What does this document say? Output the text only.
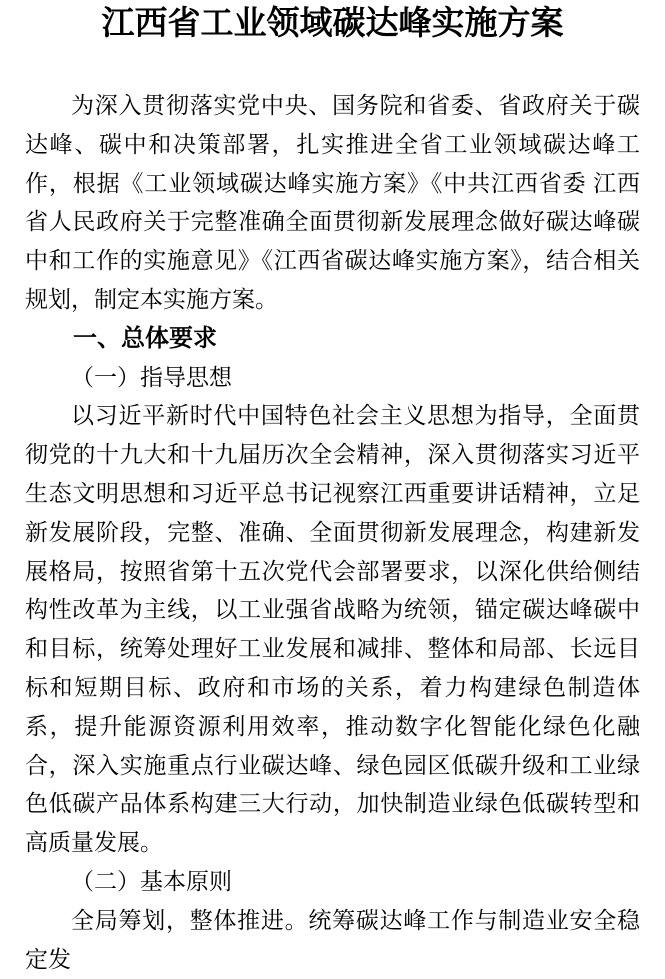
江西省工业领域碳达峰实施方案

为深入贯彻落实党中央、国务院和省委、省政府关于碳达峰、碳中和决策部署，扎实推进全省工业领域碳达峰工作，根据《工业领域碳达峰实施方案》《中共江西省委 江西省人民政府关于完整准确全面贯彻新发展理念做好碳达峰碳中和工作的实施意见》《江西省碳达峰实施方案》，结合相关规划，制定本实施方案。

一、总体要求
（一）指导思想

以习近平新时代中国特色社会主义思想为指导，全面贯彻党的十九大和十九届历次全会精神，深入贯彻落实习近平生态文明思想和习近平总书记视察江西重要讲话精神，立足新发展阶段，完整、准确、全面贯彻新发展理念，构建新发展格局，按照省第十五次党代会部署要求，以深化供给侧结构性改革为主线，以工业强省战略为统领，锚定碳达峰碳中和目标，统筹处理好工业发展和减排、整体和局部、长远目标和短期目标、政府和市场的关系，着力构建绿色制造体系，提升能源资源利用效率，推动数字化智能化绿色化融合，深入实施重点行业碳达峰、绿色园区低碳升级和工业绿色低碳产品体系构建三大行动，加快制造业绿色低碳转型和高质量发展。

（二）基本原则

全局筹划，整体推进。统筹碳达峰工作与制造业安全稳定发
